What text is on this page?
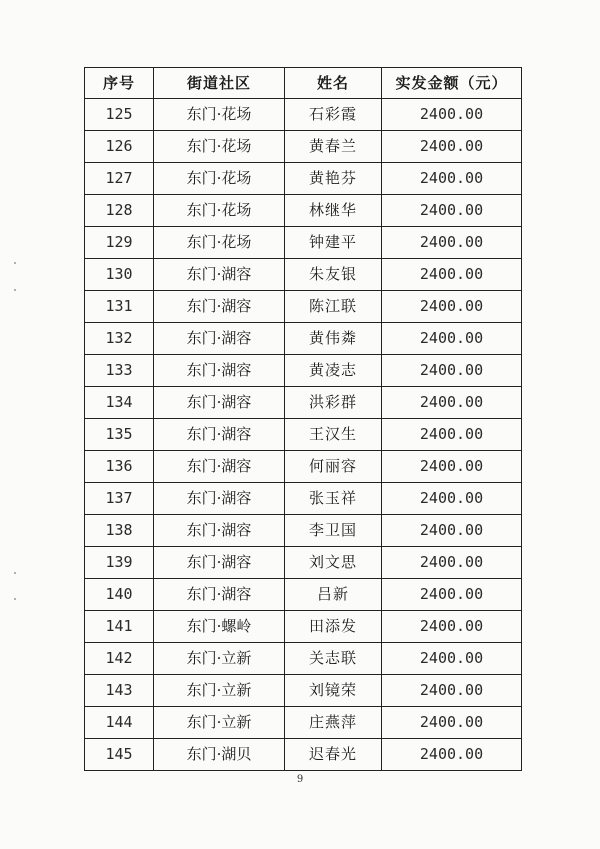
序号	街道社区	姓名	实发金额（元）
125	东门·花场	石彩霞	2400.00
126	东门·花场	黄春兰	2400.00
127	东门·花场	黄艳芬	2400.00
128	东门·花场	林继华	2400.00
129	东门·花场	钟建平	2400.00
130	东门·湖容	朱友银	2400.00
131	东门·湖容	陈江联	2400.00
132	东门·湖容	黄伟粦	2400.00
133	东门·湖容	黄凌志	2400.00
134	东门·湖容	洪彩群	2400.00
135	东门·湖容	王汉生	2400.00
136	东门·湖容	何丽容	2400.00
137	东门·湖容	张玉祥	2400.00
138	东门·湖容	李卫国	2400.00
139	东门·湖容	刘文思	2400.00
140	东门·湖容	吕新	2400.00
141	东门·螺岭	田添发	2400.00
142	东门·立新	关志联	2400.00
143	东门·立新	刘镜荣	2400.00
144	东门·立新	庄燕萍	2400.00
145	东门·湖贝	迟春光	2400.00
9
